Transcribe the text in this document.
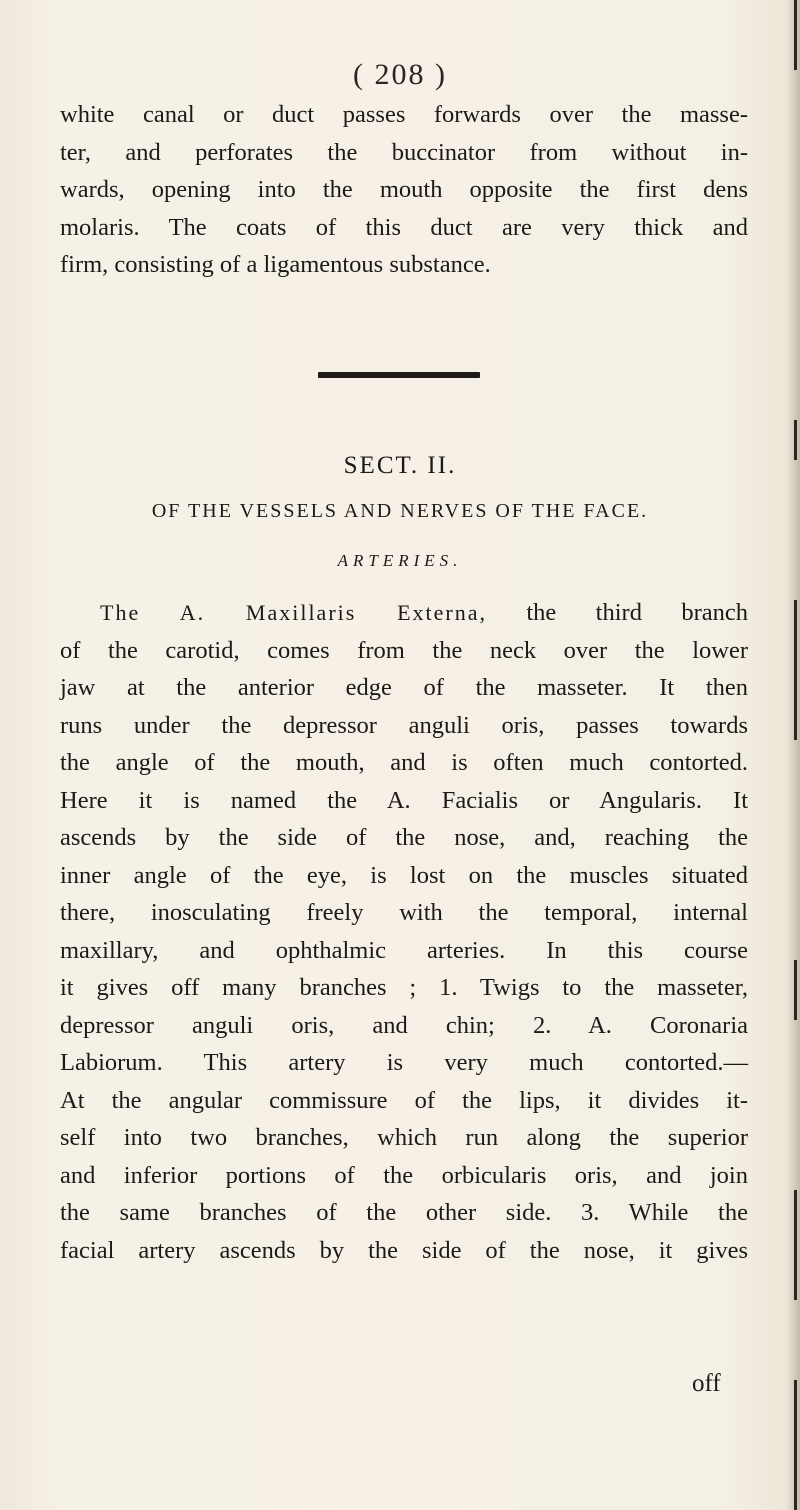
( 208 )
white canal or duct passes forwards over the masse-
ter, and perforates the buccinator from without in-
wards, opening into the mouth opposite the first dens
molaris. The coats of this duct are very thick and
firm, consisting of a ligamentous substance.
SECT. II.
OF THE VESSELS AND NERVES OF THE FACE.
ARTERIES.
The A. Maxillaris Externa, the third branch
of the carotid, comes from the neck over the lower
jaw at the anterior edge of the masseter. It then
runs under the depressor anguli oris, passes towards
the angle of the mouth, and is often much contorted.
Here it is named the A. Facialis or Angularis. It
ascends by the side of the nose, and, reaching the
inner angle of the eye, is lost on the muscles situated
there, inosculating freely with the temporal, internal
maxillary, and ophthalmic arteries. In this course
it gives off many branches ; 1. Twigs to the masseter,
depressor anguli oris, and chin; 2. A. Coronaria
Labiorum. This artery is very much contorted.—
At the angular commissure of the lips, it divides it-
self into two branches, which run along the superior
and inferior portions of the orbicularis oris, and join
the same branches of the other side. 3. While the
facial artery ascends by the side of the nose, it gives
off
